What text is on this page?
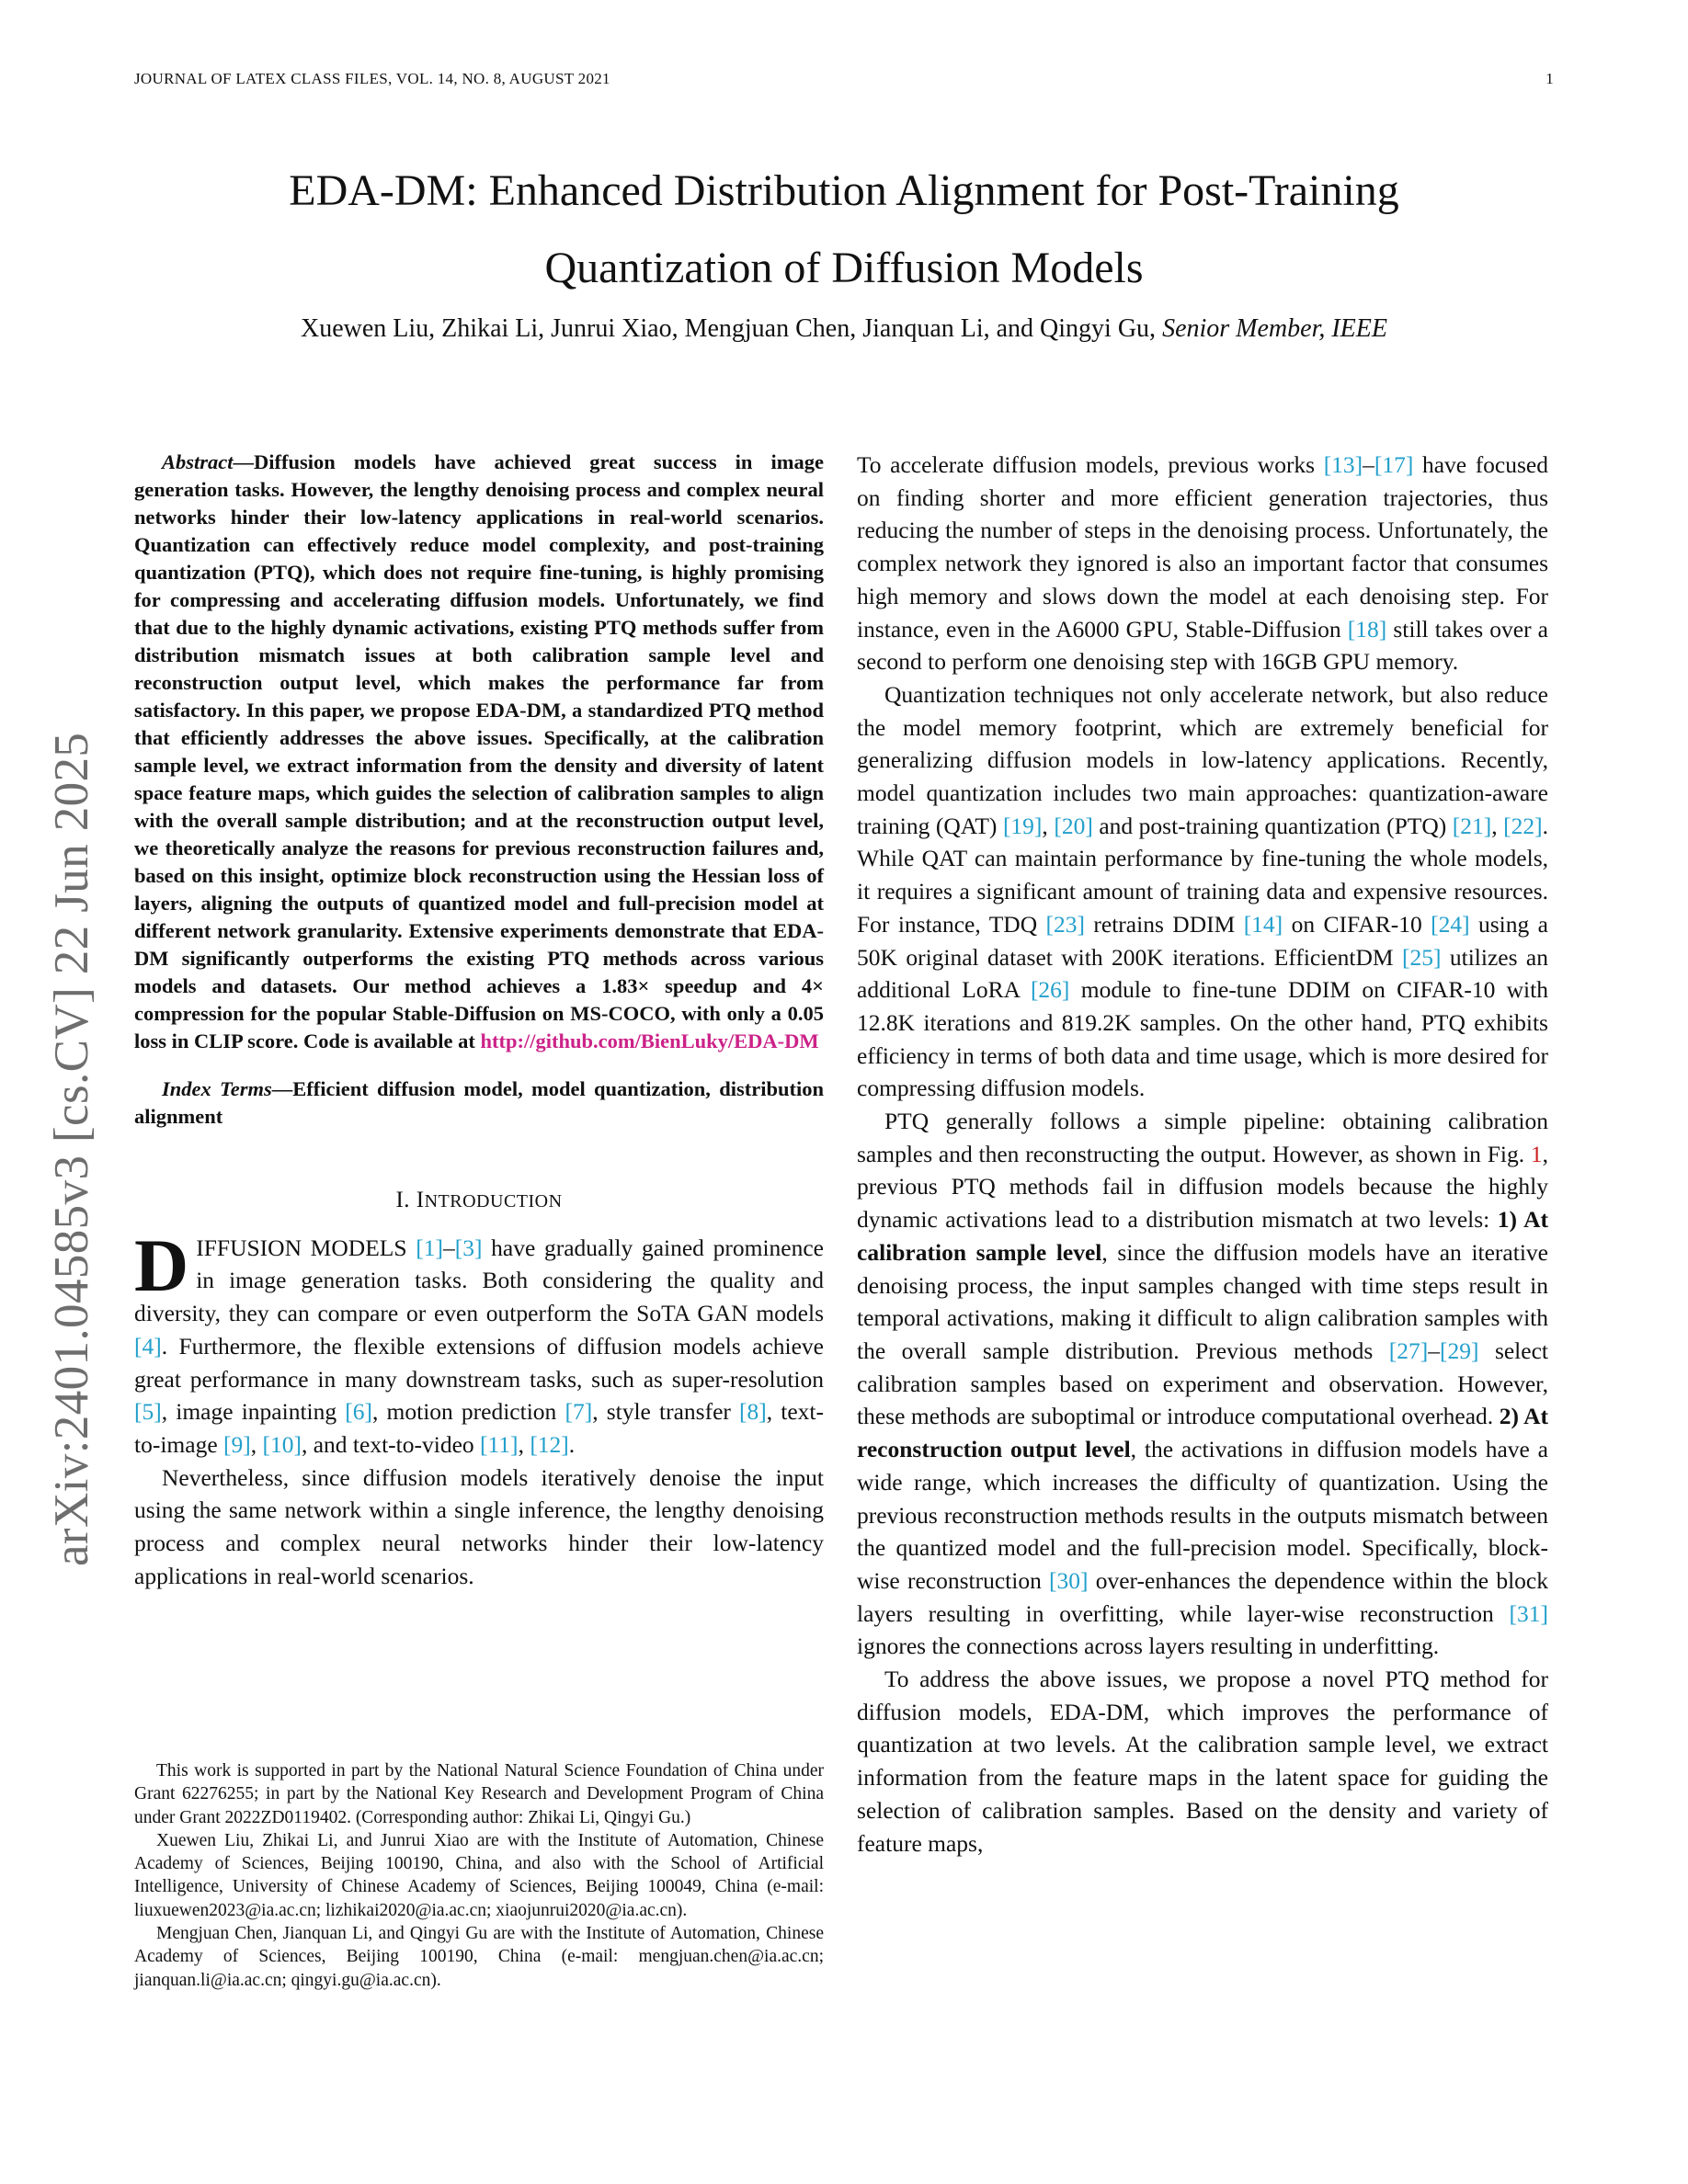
JOURNAL OF LATEX CLASS FILES, VOL. 14, NO. 8, AUGUST 2021	1
EDA-DM: Enhanced Distribution Alignment for Post-Training
Quantization of Diffusion Models
Xuewen Liu, Zhikai Li, Junrui Xiao, Mengjuan Chen, Jianquan Li, and Qingyi Gu, Senior Member, IEEE
arXiv:2401.04585v3 [cs.CV] 22 Jun 2025

Abstract—Diffusion models have achieved great success in image generation tasks. However, the lengthy denoising process and complex neural networks hinder their low-latency applications in real-world scenarios. Quantization can effectively reduce model complexity, and post-training quantization (PTQ), which does not require fine-tuning, is highly promising for compressing and accelerating diffusion models. Unfortunately, we find that due to the highly dynamic activations, existing PTQ methods suffer from distribution mismatch issues at both calibration sample level and reconstruction output level, which makes the performance far from satisfactory. In this paper, we propose EDA-DM, a standardized PTQ method that efficiently addresses the above issues. Specifically, at the calibration sample level, we extract information from the density and diversity of latent space feature maps, which guides the selection of calibration samples to align with the overall sample distribution; and at the reconstruction output level, we theoretically analyze the reasons for previous reconstruction failures and, based on this insight, optimize block reconstruction using the Hessian loss of layers, aligning the outputs of quantized model and full-precision model at different network granularity. Extensive experiments demonstrate that EDA-DM significantly outperforms the existing PTQ methods across various models and datasets. Our method achieves a 1.83× speedup and 4× compression for the popular Stable-Diffusion on MS-COCO, with only a 0.05 loss in CLIP score. Code is available at http://github.com/BienLuky/EDA-DM

Index Terms—Efficient diffusion model, model quantization, distribution alignment

I. INTRODUCTION

DIFFUSION MODELS [1]–[3] have gradually gained prominence in image generation tasks. Both considering the quality and diversity, they can compare or even outperform the SoTA GAN models [4]. Furthermore, the flexible extensions of diffusion models achieve great performance in many downstream tasks, such as super-resolution [5], image inpainting [6], motion prediction [7], style transfer [8], text-to-image [9], [10], and text-to-video [11], [12].

Nevertheless, since diffusion models iteratively denoise the input using the same network within a single inference, the lengthy denoising process and complex neural networks hinder their low-latency applications in real-world scenarios.

This work is supported in part by the National Natural Science Foundation of China under Grant 62276255; in part by the National Key Research and Development Program of China under Grant 2022ZD0119402. (Corresponding author: Zhikai Li, Qingyi Gu.)

Xuewen Liu, Zhikai Li, and Junrui Xiao are with the Institute of Automation, Chinese Academy of Sciences, Beijing 100190, China, and also with the School of Artificial Intelligence, University of Chinese Academy of Sciences, Beijing 100049, China (e-mail: liuxuewen2023@ia.ac.cn; lizhikai2020@ia.ac.cn; xiaojunrui2020@ia.ac.cn).

Mengjuan Chen, Jianquan Li, and Qingyi Gu are with the Institute of Automation, Chinese Academy of Sciences, Beijing 100190, China (e-mail: mengjuan.chen@ia.ac.cn; jianquan.li@ia.ac.cn; qingyi.gu@ia.ac.cn).

To accelerate diffusion models, previous works [13]–[17] have focused on finding shorter and more efficient generation trajectories, thus reducing the number of steps in the denoising process. Unfortunately, the complex network they ignored is also an important factor that consumes high memory and slows down the model at each denoising step. For instance, even in the A6000 GPU, Stable-Diffusion [18] still takes over a second to perform one denoising step with 16GB GPU memory.

Quantization techniques not only accelerate network, but also reduce the model memory footprint, which are extremely beneficial for generalizing diffusion models in low-latency applications. Recently, model quantization includes two main approaches: quantization-aware training (QAT) [19], [20] and post-training quantization (PTQ) [21], [22]. While QAT can maintain performance by fine-tuning the whole models, it requires a significant amount of training data and expensive resources. For instance, TDQ [23] retrains DDIM [14] on CIFAR-10 [24] using a 50K original dataset with 200K iterations. EfficientDM [25] utilizes an additional LoRA [26] module to fine-tune DDIM on CIFAR-10 with 12.8K iterations and 819.2K samples. On the other hand, PTQ exhibits efficiency in terms of both data and time usage, which is more desired for compressing diffusion models.

PTQ generally follows a simple pipeline: obtaining calibration samples and then reconstructing the output. However, as shown in Fig. 1, previous PTQ methods fail in diffusion models because the highly dynamic activations lead to a distribution mismatch at two levels: 1) At calibration sample level, since the diffusion models have an iterative denoising process, the input samples changed with time steps result in temporal activations, making it difficult to align calibration samples with the overall sample distribution. Previous methods [27]–[29] select calibration samples based on experiment and observation. However, these methods are suboptimal or introduce computational overhead. 2) At reconstruction output level, the activations in diffusion models have a wide range, which increases the difficulty of quantization. Using the previous reconstruction methods results in the outputs mismatch between the quantized model and the full-precision model. Specifically, block-wise reconstruction [30] over-enhances the dependence within the block layers resulting in overfitting, while layer-wise reconstruction [31] ignores the connections across layers resulting in underfitting.

To address the above issues, we propose a novel PTQ method for diffusion models, EDA-DM, which improves the performance of quantization at two levels. At the calibration sample level, we extract information from the feature maps in the latent space for guiding the selection of calibration samples. Based on the density and variety of feature maps,
